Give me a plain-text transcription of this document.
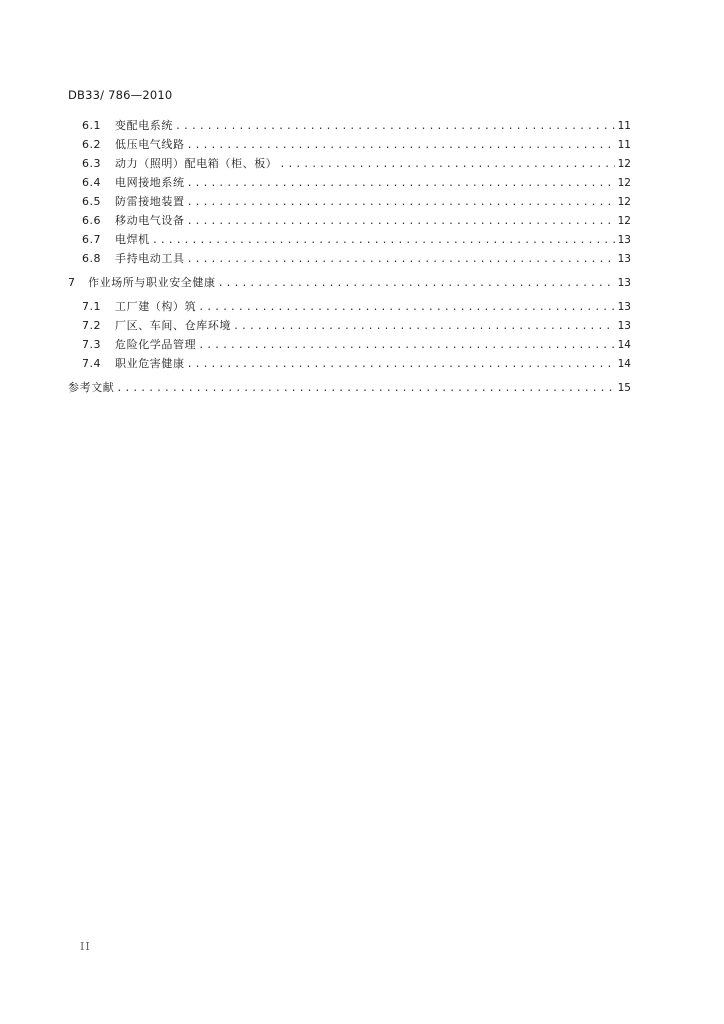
DB33/ 786—2010
6.1	变配电系统 .....	11
6.2	低压电气线路 .....	11
6.3	动力（照明）配电箱（柜、板） .....	12
6.4	电网接地系统 .....	12
6.5	防雷接地装置 .....	12
6.6	移动电气设备 .....	12
6.7	电焊机 .....	13
6.8	手持电动工具 .....	13
7	作业场所与职业安全健康 .....	13
7.1	工厂建（构）筑 .....	13
7.2	厂区、车间、仓库环境 .....	13
7.3	危险化学品管理 .....	14
7.4	职业危害健康 .....	14
参考文献 .....	15
II
